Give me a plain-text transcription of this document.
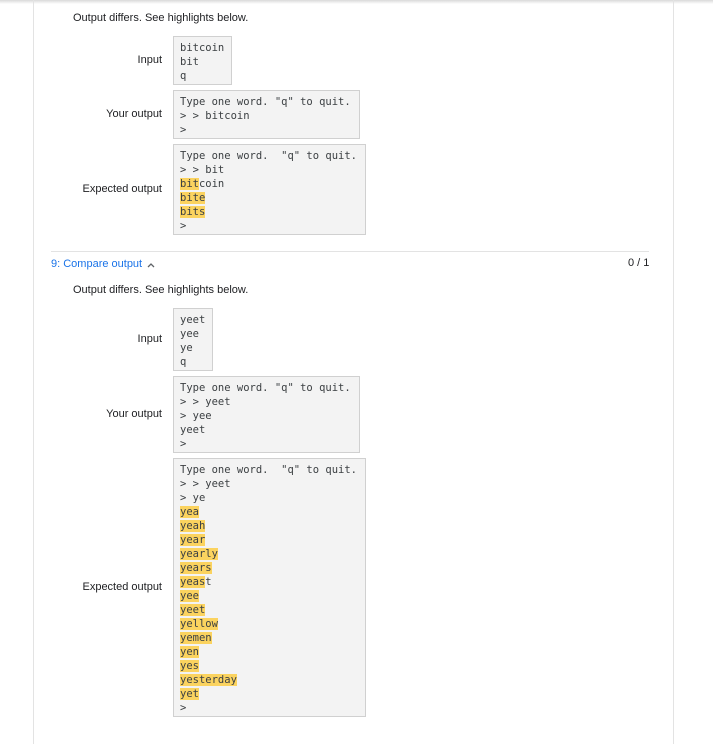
Output differs. See highlights below.
Input
bitcoin
bit
q
Your output
Type one word. "q" to quit.
> > bitcoin
>
Expected output
Type one word.  "q" to quit.
> > bit
bitcoin
bite
bits
>
9: Compare output	0 / 1
Output differs. See highlights below.
Input
yeet
yee
ye
q
Your output
Type one word. "q" to quit.
> > yeet
> yee
yeet
>
Expected output
Type one word.  "q" to quit.
> > yeet
> ye
yea
yeah
year
yearly
years
yeast
yee
yeet
yellow
yemen
yen
yes
yesterday
yet
>
